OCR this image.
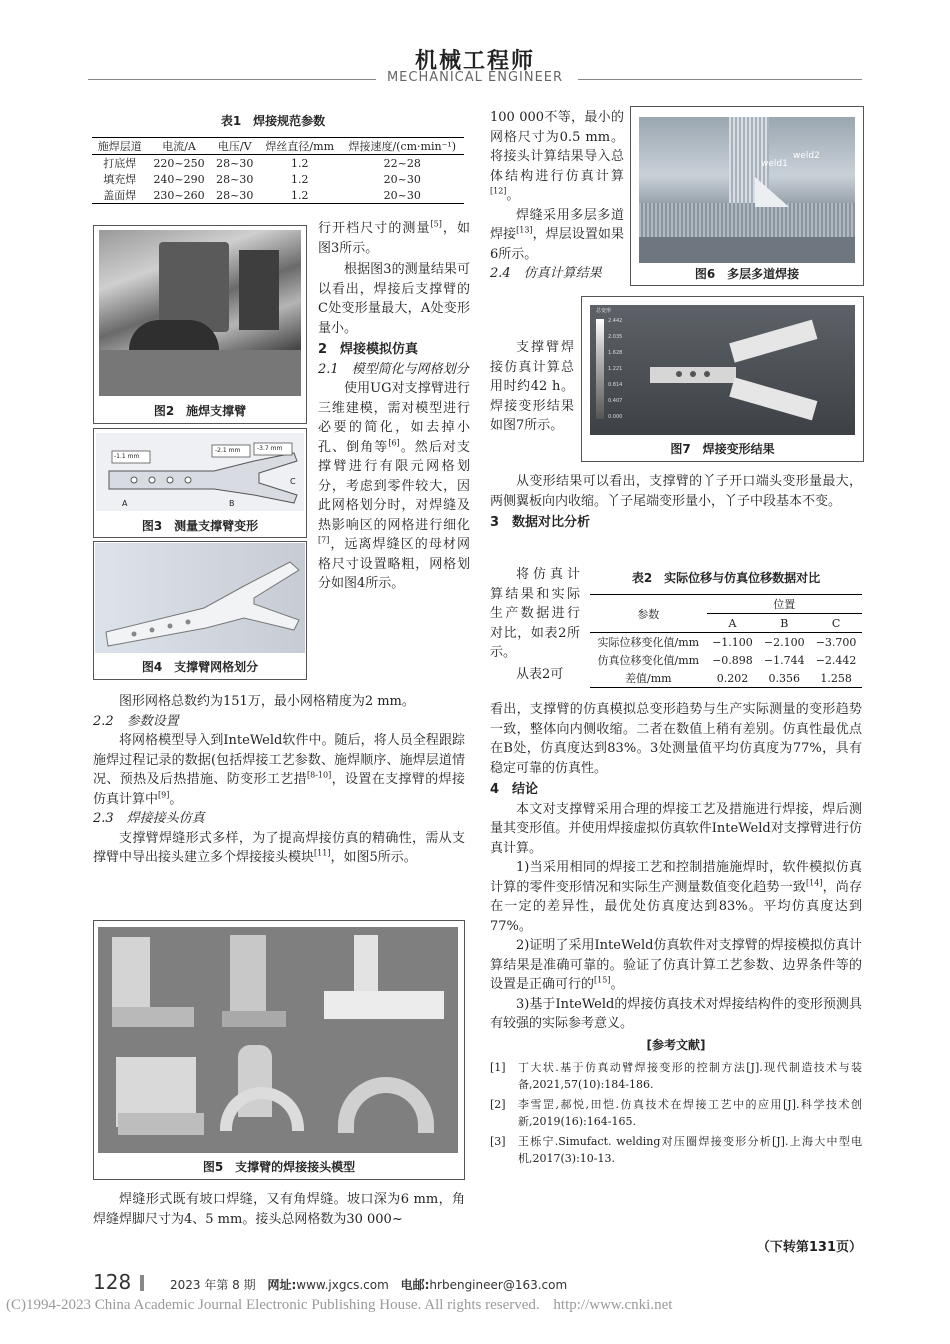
机械工程师
MECHANICAL ENGINEER
表1　焊接规范参数
施焊层道	电流/A	电压/V	焊丝直径/mm	焊接速度/(cm·min⁻¹)
打底焊	220~250	28~30	1.2	22~28
填充焊	240~290	28~30	1.2	20~30
盖面焊	230~260	28~30	1.2	20~30
图2　施焊支撑臂
-1.1 mm
-2.1 mm	-3.7 mm
A	B
C
图3　测量支撑臂变形
图4　支撑臂网格划分

行开档尺寸的测量[5]，如图3所示。

根据图3的测量结果可以看出，焊接后支撑臂的C处变形量最大，A处变形量小。

2　焊接模拟仿真

2.1　模型简化与网格划分

使用UG对支撑臂进行三维建模，需对模型进行必要的简化，如去掉小孔、倒角等[6]。然后对支撑臂进行有限元网格划分，考虑到零件较大，因此网格划分时，对焊缝及热影响区的网格进行细化[7]，远离焊缝区的母材网格尺寸设置略粗，网格划分如图4所示。

图形网格总数约为151万，最小网格精度为2 mm。

2.2　参数设置

将网格模型导入到InteWeld软件中。随后，将人员全程跟踪施焊过程记录的数据(包括焊接工艺参数、施焊顺序、施焊层道情况、预热及后热措施、防变形工艺措[8-10]，设置在支撑臂的焊接仿真计算中[9]。

2.3　焊接接头仿真

支撑臂焊缝形式多样，为了提高焊接仿真的精确性，需从支撑臂中导出接头建立多个焊接接头模块[11]，如图5所示。

图5　支撑臂的焊接接头模型

焊缝形式既有坡口焊缝，又有角焊缝。坡口深为6 mm，角焊缝焊脚尺寸为4、5 mm。接头总网格数为30 000~

100 000不等，最小的网格尺寸为0.5 mm。将接头计算结果导入总体结构进行仿真计算[12]。

焊缝采用多层多道焊接[13]，焊层设置如果6所示。

2.4　仿真计算结果

支撑臂焊接仿真计算总用时约42 h。焊接变形结果如图7所示。

weld1
weld2
图6　多层多道焊接
总变形
2.442
2.035
1.628
1.221
0.814
0.407
0.000
图7　焊接变形结果

从变形结果可以看出，支撑臂的丫子开口端头变形量最大，两侧翼板向内收缩。丫子尾端变形量小，丫子中段基本不变。

3　数据对比分析

将仿真计算结果和实际生产数据进行对比，如表2所示。

从表2可

表2　实际位移与仿真位移数据对比
参数	位置		
	A	B	C
实际位移变化值/mm	−1.100	−2.100	−3.700
仿真位移变化值/mm	−0.898	−1.744	−2.442
差值/mm	0.202	0.356	1.258

看出，支撑臂的仿真模拟总变形趋势与生产实际测量的变形趋势一致，整体向内侧收缩。二者在数值上稍有差别。仿真性最优点在B处，仿真度达到83%。3处测量值平均仿真度为77%，具有稳定可靠的仿真性。

4　结论

本文对支撑臂采用合理的焊接工艺及措施进行焊接，焊后测量其变形值。并使用焊接虚拟仿真软件InteWeld对支撑臂进行仿真计算。

1)当采用相同的焊接工艺和控制措施施焊时，软件模拟仿真计算的零件变形情况和实际生产测量数值变化趋势一致[14]，尚存在一定的差异性，最优处仿真度达到83%。平均仿真度达到77%。

2)证明了采用InteWeld仿真软件对支撑臂的焊接模拟仿真计算结果是准确可靠的。验证了仿真计算工艺参数、边界条件等的设置是正确可行的[15]。

3)基于InteWeld的焊接仿真技术对焊接结构件的变形预测具有较强的实际参考意义。

[参考文献]

[1]	丁大状.基于仿真动臂焊接变形的控制方法[J].现代制造技术与装备,2021,57(10):184-186.
[2]	李雪罡,郝悦,田恺.仿真技术在焊接工艺中的应用[J].科学技术创新,2019(16):164-165.
[3]	王栎宁.Simufact. welding对压圈焊接变形分析[J].上海大中型电机,2017(3):10-13.
（下转第131页）
128	2023 年第 8 期 网址:www.jxgcs.com 电邮:hrbengineer@163.com
(C)1994-2023 China Academic Journal Electronic Publishing House. All rights reserved. http://www.cnki.net
